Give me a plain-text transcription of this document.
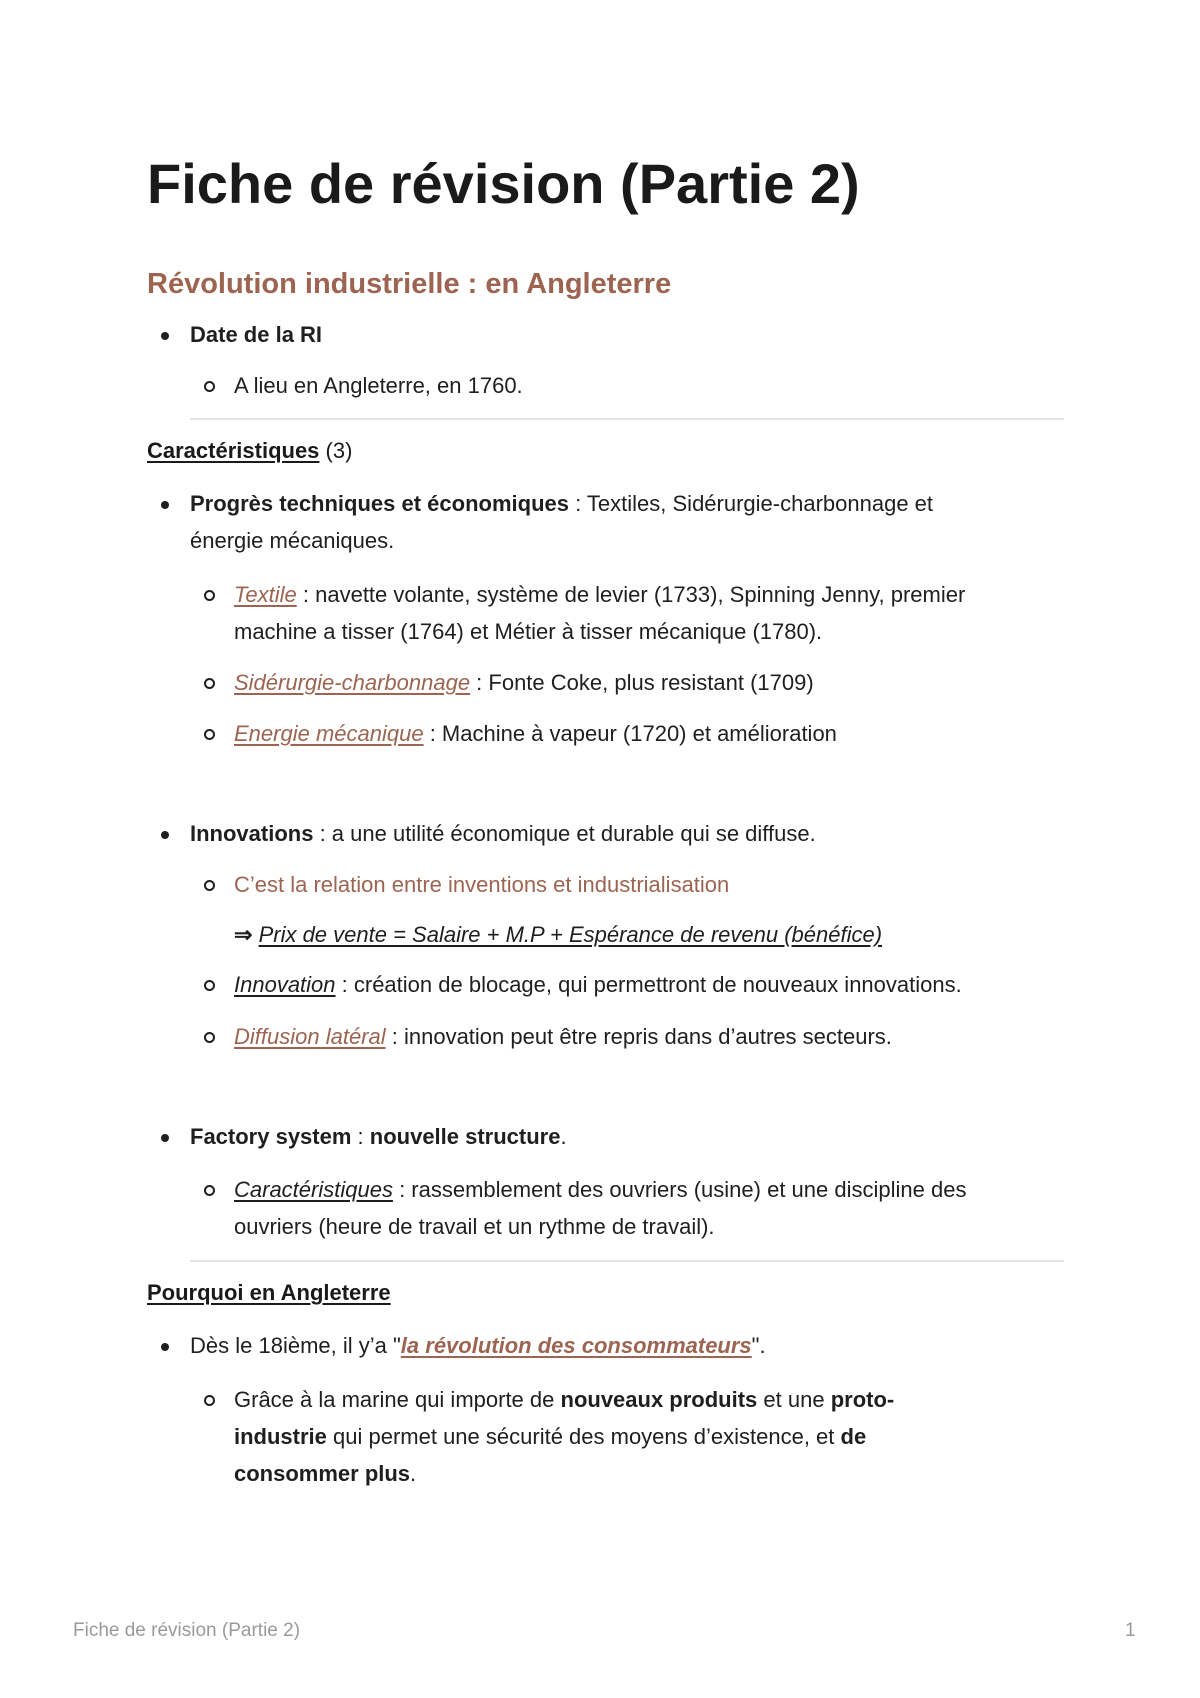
Fiche de révision (Partie 2)
Révolution industrielle : en Angleterre
Date de la RI
A lieu en Angleterre, en 1760.
Caractéristiques (3)
Progrès techniques et économiques : Textiles, Sidérurgie-charbonnage et
énergie mécaniques.
Textile : navette volante, système de levier (1733), Spinning Jenny, premier
machine a tisser (1764) et Métier à tisser mécanique (1780).
Sidérurgie-charbonnage : Fonte Coke, plus resistant (1709)
Energie mécanique : Machine à vapeur (1720) et amélioration
Innovations : a une utilité économique et durable qui se diffuse.
C’est la relation entre inventions et industrialisation
⇒ Prix de vente = Salaire + M.P + Espérance de revenu (bénéfice)
Innovation : création de blocage, qui permettront de nouveaux innovations.
Diffusion latéral : innovation peut être repris dans d’autres secteurs.
Factory system : nouvelle structure.
Caractéristiques : rassemblement des ouvriers (usine) et une discipline des
ouvriers (heure de travail et un rythme de travail).
Pourquoi en Angleterre
Dès le 18ième, il y’a "la révolution des consommateurs".
Grâce à la marine qui importe de nouveaux produits et une proto-
industrie qui permet une sécurité des moyens d’existence, et de
consommer plus.
Fiche de révision (Partie 2)	1
